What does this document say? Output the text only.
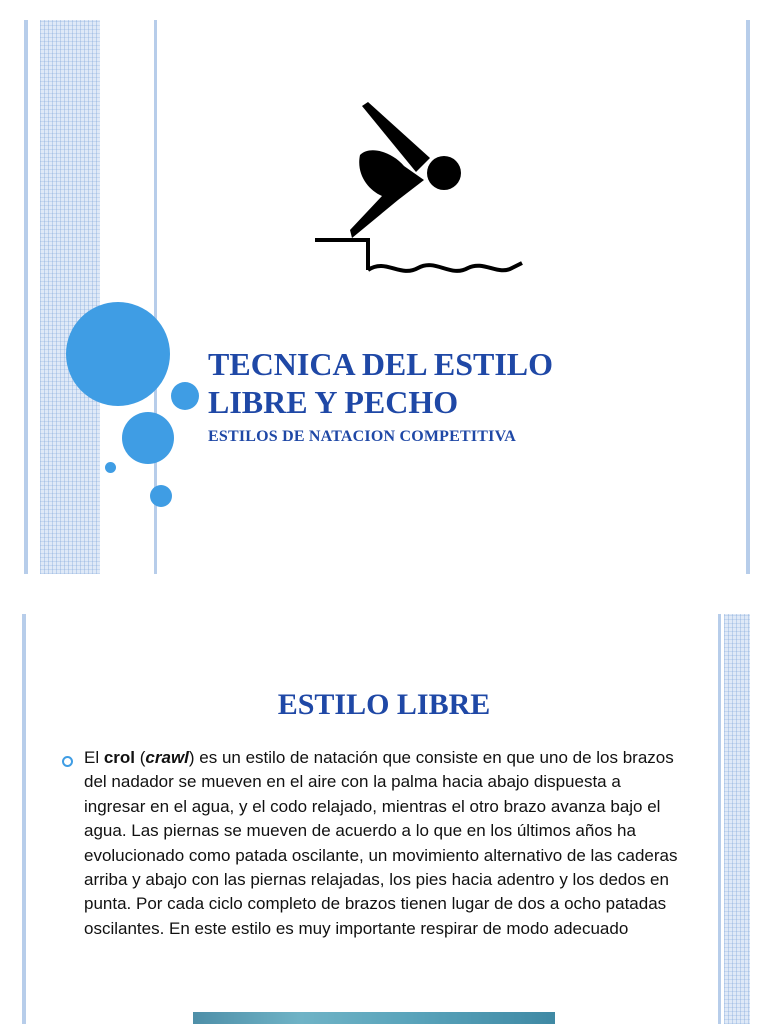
TECNICA DEL ESTILO
LIBRE Y PECHO
ESTILOS DE NATACION COMPETITIVA
ESTILO LIBRE
El crol (crawl) es un estilo de natación que consiste en que uno de los brazos del nadador se mueven en el aire con la palma hacia abajo dispuesta a ingresar en el agua, y el codo relajado, mientras el otro brazo avanza bajo el agua. Las piernas se mueven de acuerdo a lo que en los últimos años ha evolucionado como patada oscilante, un movimiento alternativo de las caderas arriba y abajo con las piernas relajadas, los pies hacia adentro y los dedos en punta. Por cada ciclo completo de brazos tienen lugar de dos a ocho patadas oscilantes. En este estilo es muy importante respirar de modo adecuado
